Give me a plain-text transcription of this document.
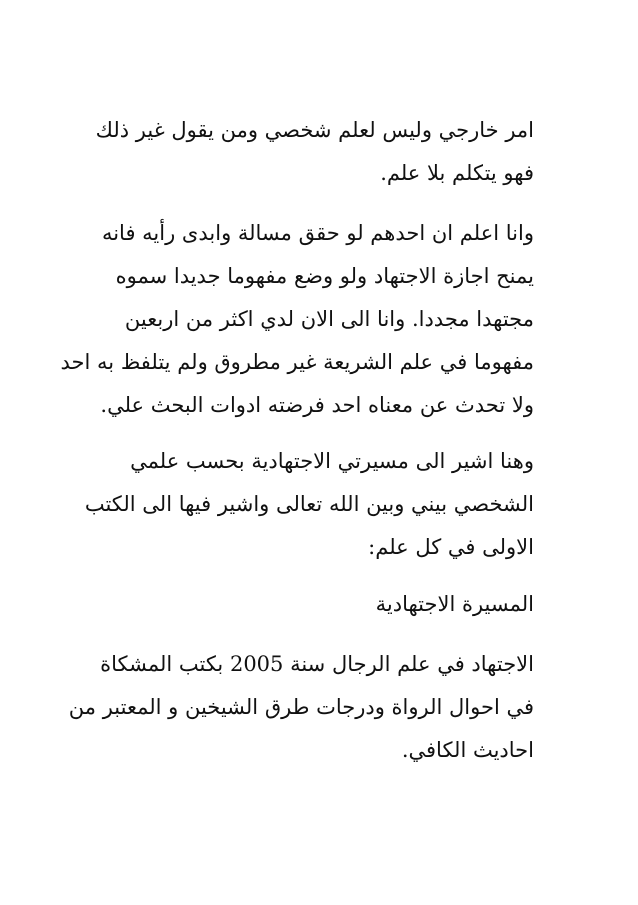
امر خارجي وليس لعلم شخصي ومن يقول غير ذلك
فهو يتكلم بلا علم.

وانا اعلم ان احدهم لو حقق مسالة وابدى رأيه فانه
يمنح اجازة الاجتهاد ولو وضع مفهوما جديدا سموه
مجتهدا مجددا. وانا الى الان لدي اكثر من اربعين
مفهوما في علم الشريعة غير مطروق ولم يتلفظ به احد
ولا تحدث عن معناه احد فرضته ادوات البحث علي.

وهنا اشير الى مسيرتي الاجتهادية بحسب علمي
الشخصي بيني وبين الله تعالى واشير فيها الى الكتب
الاولى في كل علم:

المسيرة الاجتهادية

الاجتهاد في علم الرجال سنة 2005 بكتب المشكاة
في احوال الرواة ودرجات طرق الشيخين و المعتبر من
احاديث الكافي.
